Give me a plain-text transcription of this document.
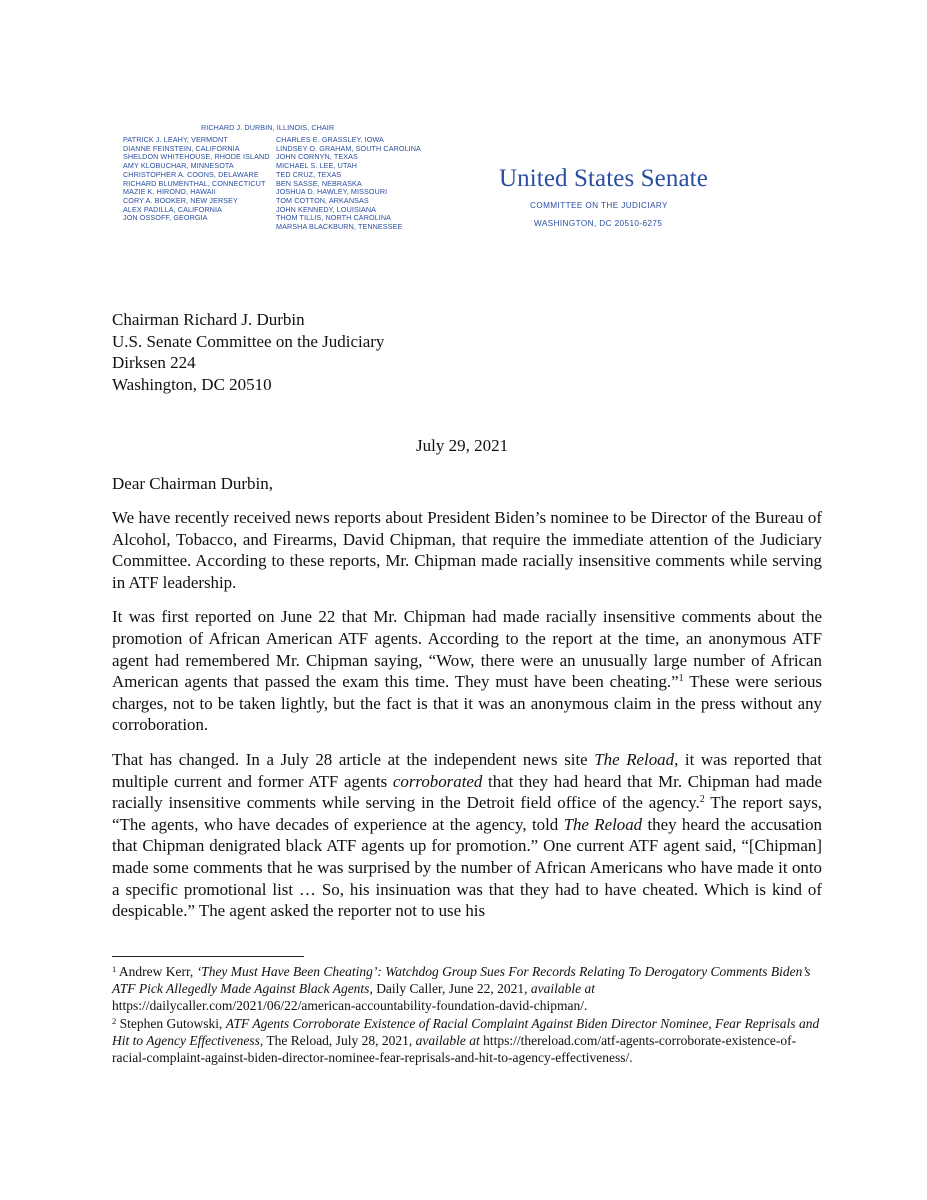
RICHARD J. DURBIN, ILLINOIS, CHAIR
PATRICK J. LEAHY, VERMONT
DIANNE FEINSTEIN, CALIFORNIA
SHELDON WHITEHOUSE, RHODE ISLAND
AMY KLOBUCHAR, MINNESOTA
CHRISTOPHER A. COONS, DELAWARE
RICHARD BLUMENTHAL, CONNECTICUT
MAZIE K. HIRONO, HAWAII
CORY A. BOOKER, NEW JERSEY
ALEX PADILLA, CALIFORNIA
JON OSSOFF, GEORGIA
CHARLES E. GRASSLEY, IOWA
LINDSEY O. GRAHAM, SOUTH CAROLINA
JOHN CORNYN, TEXAS
MICHAEL S. LEE, UTAH
TED CRUZ, TEXAS
BEN SASSE, NEBRASKA
JOSHUA D. HAWLEY, MISSOURI
TOM COTTON, ARKANSAS
JOHN KENNEDY, LOUISIANA
THOM TILLIS, NORTH CAROLINA
MARSHA BLACKBURN, TENNESSEE
United States Senate
COMMITTEE ON THE JUDICIARY
WASHINGTON, DC 20510-6275
Chairman Richard J. Durbin
U.S. Senate Committee on the Judiciary
Dirksen 224
Washington, DC 20510
July 29, 2021
Dear Chairman Durbin,

We have recently received news reports about President Biden’s nominee to be Director of the Bureau of Alcohol, Tobacco, and Firearms, David Chipman, that require the immediate attention of the Judiciary Committee. According to these reports, Mr. Chipman made racially insensitive comments while serving in ATF leadership.

It was first reported on June 22 that Mr. Chipman had made racially insensitive comments about the promotion of African American ATF agents. According to the report at the time, an anonymous ATF agent had remembered Mr. Chipman saying, “Wow, there were an unusually large number of African American agents that passed the exam this time. They must have been cheating.”$^1$ These were serious charges, not to be taken lightly, but the fact is that it was an anonymous claim in the press without any corroboration.

That has changed. In a July 28 article at the independent news site The Reload, it was reported that multiple current and former ATF agents corroborated that they had heard that Mr. Chipman had made racially insensitive comments while serving in the Detroit field office of the agency.$^2$ The report says, “The agents, who have decades of experience at the agency, told The Reload they heard the accusation that Chipman denigrated black ATF agents up for promotion.” One current ATF agent said, “[Chipman] made some comments that he was surprised by the number of African Americans who have made it onto a specific promotional list … So, his insinuation was that they had to have cheated. Which is kind of despicable.” The agent asked the reporter not to use his

$^1$ Andrew Kerr, ‘They Must Have Been Cheating’: Watchdog Group Sues For Records Relating To Derogatory Comments Biden’s ATF Pick Allegedly Made Against Black Agents, Daily Caller, June 22, 2021, available at https://dailycaller.com/2021/06/22/american-accountability-foundation-david-chipman/.

$^2$ Stephen Gutowski, ATF Agents Corroborate Existence of Racial Complaint Against Biden Director Nominee, Fear Reprisals and Hit to Agency Effectiveness, The Reload, July 28, 2021, available at https://thereload.com/atf-agents-corroborate-existence-of-racial-complaint-against-biden-director-nominee-fear-reprisals-and-hit-to-agency-effectiveness/.
